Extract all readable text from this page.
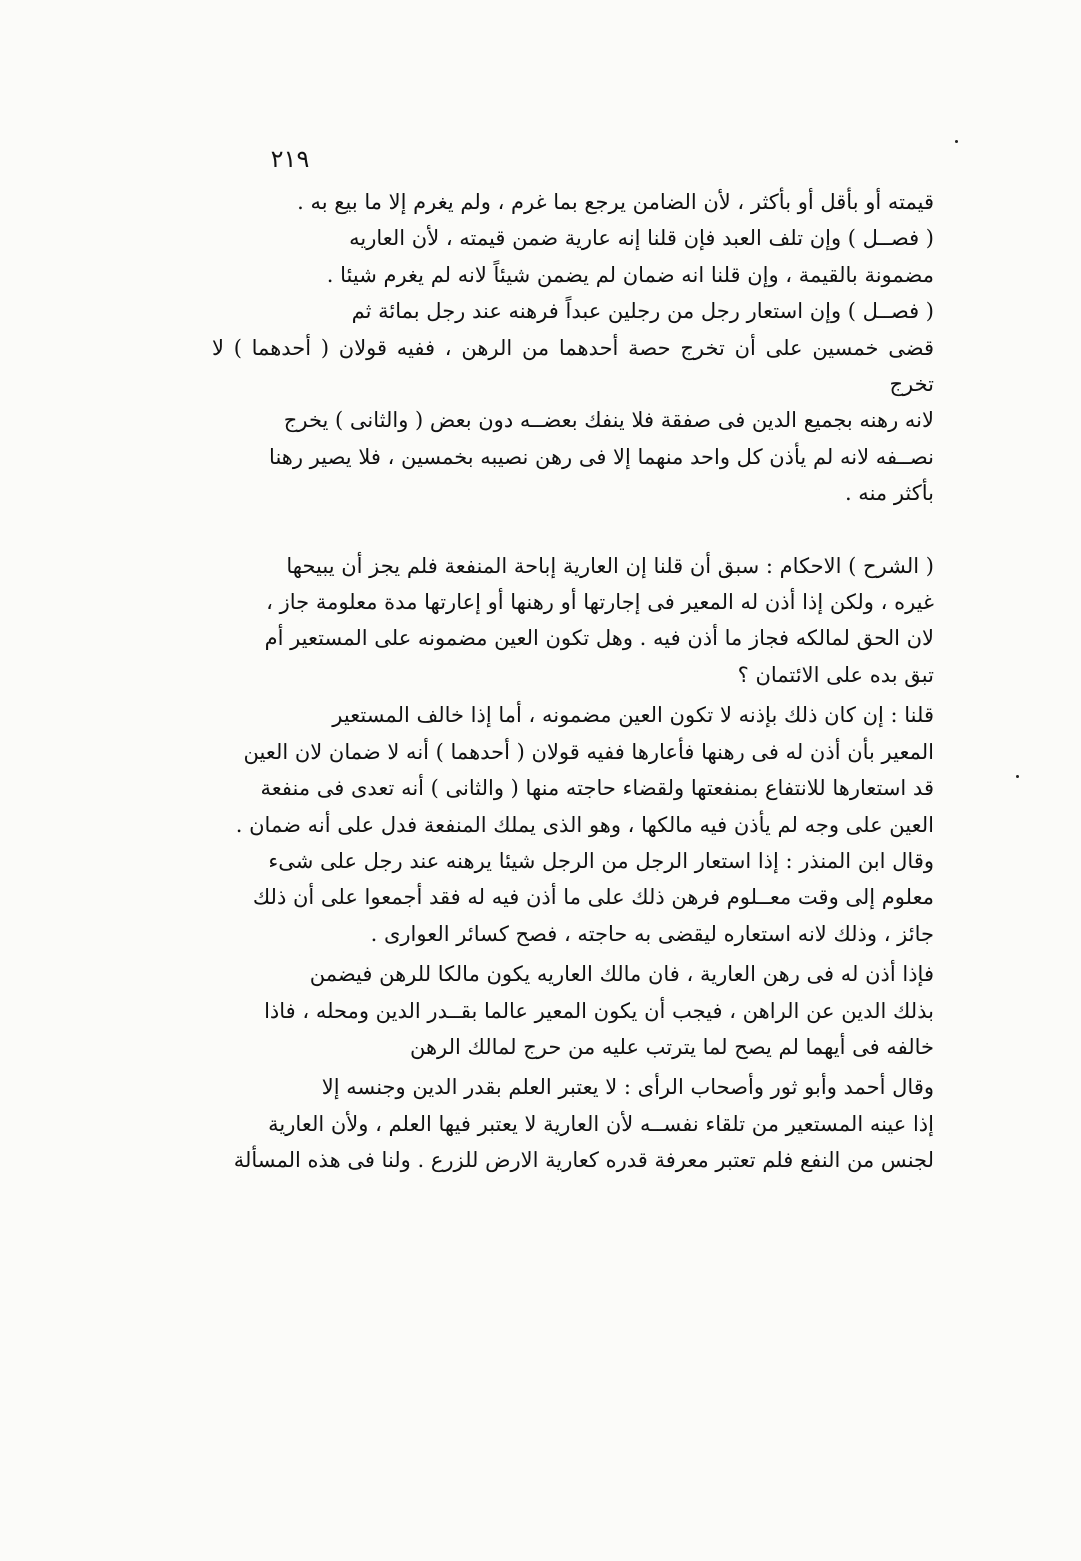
٢١٩

قيمته أو بأقل أو بأكثر ، لأن الضامن يرجع بما غرم ، ولم يغرم إلا ما بيع به .

( فصــل ) وإن تلف العبد فإن قلنا إنه عارية ضمن قيمته ، لأن العاريه
مضمونة بالقيمة ، وإن قلنا انه ضمان لم يضمن شيئاً لانه لم يغرم شيئا .

( فصــل ) وإن استعار رجل من رجلين عبداً فرهنه عند رجل بمائة ثم
قضى خمسين على أن تخرج حصة أحدهما من الرهن ، ففيه قولان ( أحدهما ) لا تخرج
لانه رهنه بجميع الدين فى صفقة فلا ينفك بعضــه دون بعض ( والثانى ) يخرج
نصــفه لانه لم يأذن كل واحد منهما إلا فى رهن نصيبه بخمسين ، فلا يصير رهنا
بأكثر منه .

( الشرح ) الاحكام : سبق أن قلنا إن العارية إباحة المنفعة فلم يجز أن يبيحها
غيره ، ولكن إذا أذن له المعير فى إجارتها أو رهنها أو إعارتها مدة معلومة جاز ،
لان الحق لمالكه فجاز ما أذن فيه . وهل تكون العين مضمونه على المستعير أم
تبق بده على الائتمان ؟

قلنا : إن كان ذلك بإذنه لا تكون العين مضمونه ، أما إذا خالف المستعير
المعير بأن أذن له فى رهنها فأعارها ففيه قولان ( أحدهما ) أنه لا ضمان لان العين
قد استعارها للانتفاع بمنفعتها ولقضاء حاجته منها ( والثانى ) أنه تعدى فى منفعة
العين على وجه لم يأذن فيه مالكها ، وهو الذى يملك المنفعة فدل على أنه ضمان .

وقال ابن المنذر : إذا استعار الرجل من الرجل شيئا يرهنه عند رجل على شىء
معلوم إلى وقت معــلوم فرهن ذلك على ما أذن فيه له فقد أجمعوا على أن ذلك
جائز ، وذلك لانه استعاره ليقضى به حاجته ، فصح كسائر العوارى .

فإذا أذن له فى رهن العارية ، فان مالك العاريه يكون مالكا للرهن فيضمن
بذلك الدين عن الراهن ، فيجب أن يكون المعير عالما بقــدر الدين ومحله ، فاذا
خالفه فى أيهما لم يصح لما يترتب عليه من حرج لمالك الرهن

وقال أحمد وأبو ثور وأصحاب الرأى : لا يعتبر العلم بقدر الدين وجنسه إلا
إذا عينه المستعير من تلقاء نفســه لأن العارية لا يعتبر فيها العلم ، ولأن العارية
لجنس من النفع فلم تعتبر معرفة قدره كعارية الارض للزرع . ولنا فى هذه المسألة
